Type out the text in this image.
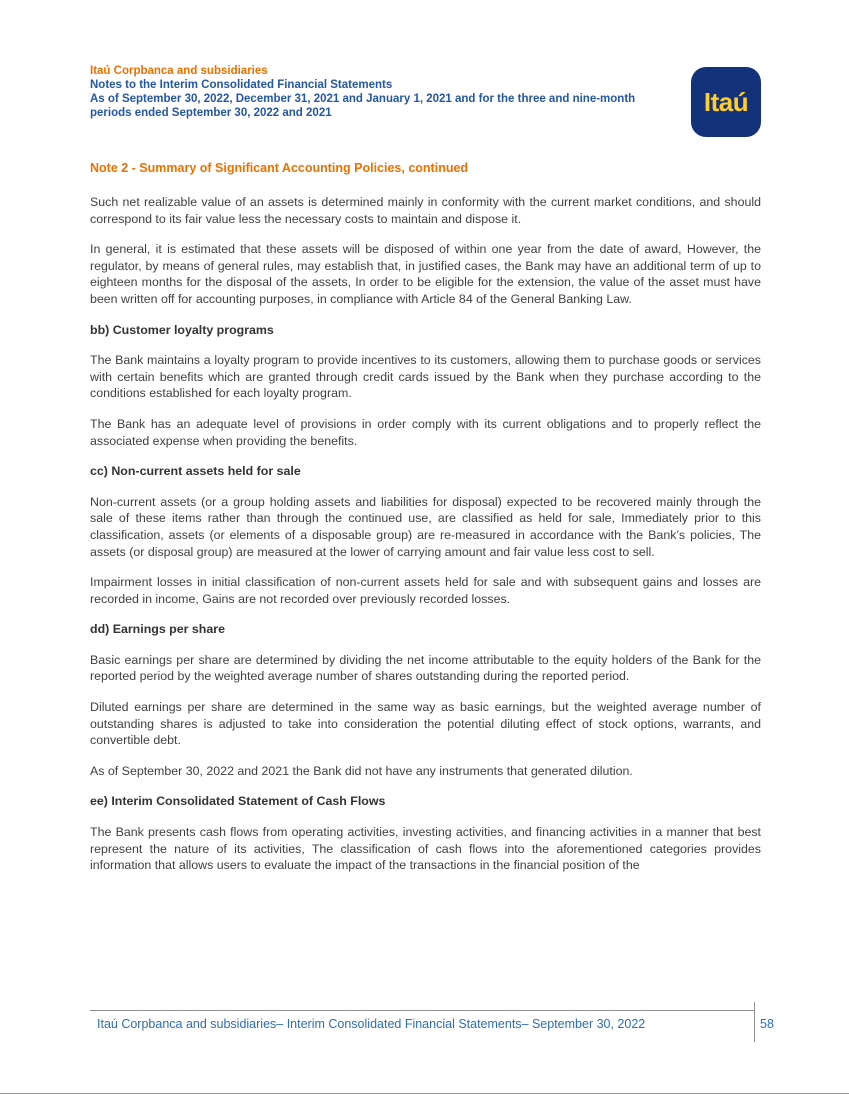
Itaú Corpbanca and subsidiaries
Notes to the Interim Consolidated Financial Statements
As of September 30, 2022, December 31, 2021 and January 1, 2021 and for the three and nine-month periods ended September 30, 2022 and 2021	Itaú
Note 2 - Summary of Significant Accounting Policies, continued

Such net realizable value of an assets is determined mainly in conformity with the current market conditions, and should correspond to its fair value less the necessary costs to maintain and dispose it.

In general, it is estimated that these assets will be disposed of within one year from the date of award, However, the regulator, by means of general rules, may establish that, in justified cases, the Bank may have an additional term of up to eighteen months for the disposal of the assets, In order to be eligible for the extension, the value of the asset must have been written off for accounting purposes, in compliance with Article 84 of the General Banking Law.

bb) Customer loyalty programs

The Bank maintains a loyalty program to provide incentives to its customers, allowing them to purchase goods or services with certain benefits which are granted through credit cards issued by the Bank when they purchase according to the conditions established for each loyalty program.

The Bank has an adequate level of provisions in order comply with its current obligations and to properly reflect the associated expense when providing the benefits.

cc) Non-current assets held for sale

Non-current assets (or a group holding assets and liabilities for disposal) expected to be recovered mainly through the sale of these items rather than through the continued use, are classified as held for sale, Immediately prior to this classification, assets (or elements of a disposable group) are re-measured in accordance with the Bank’s policies, The assets (or disposal group) are measured at the lower of carrying amount and fair value less cost to sell.

Impairment losses in initial classification of non-current assets held for sale and with subsequent gains and losses are recorded in income, Gains are not recorded over previously recorded losses.

dd) Earnings per share

Basic earnings per share are determined by dividing the net income attributable to the equity holders of the Bank for the reported period by the weighted average number of shares outstanding during the reported period.

Diluted earnings per share are determined in the same way as basic earnings, but the weighted average number of outstanding shares is adjusted to take into consideration the potential diluting effect of stock options, warrants, and convertible debt.

As of September 30, 2022 and 2021 the Bank did not have any instruments that generated dilution.

ee) Interim Consolidated Statement of Cash Flows

The Bank presents cash flows from operating activities, investing activities, and financing activities in a manner that best represent the nature of its activities, The classification of cash flows into the aforementioned categories provides information that allows users to evaluate the impact of the transactions in the financial position of the

Itaú Corpbanca and subsidiaries– Interim Consolidated Financial Statements– September 30, 2022	58
